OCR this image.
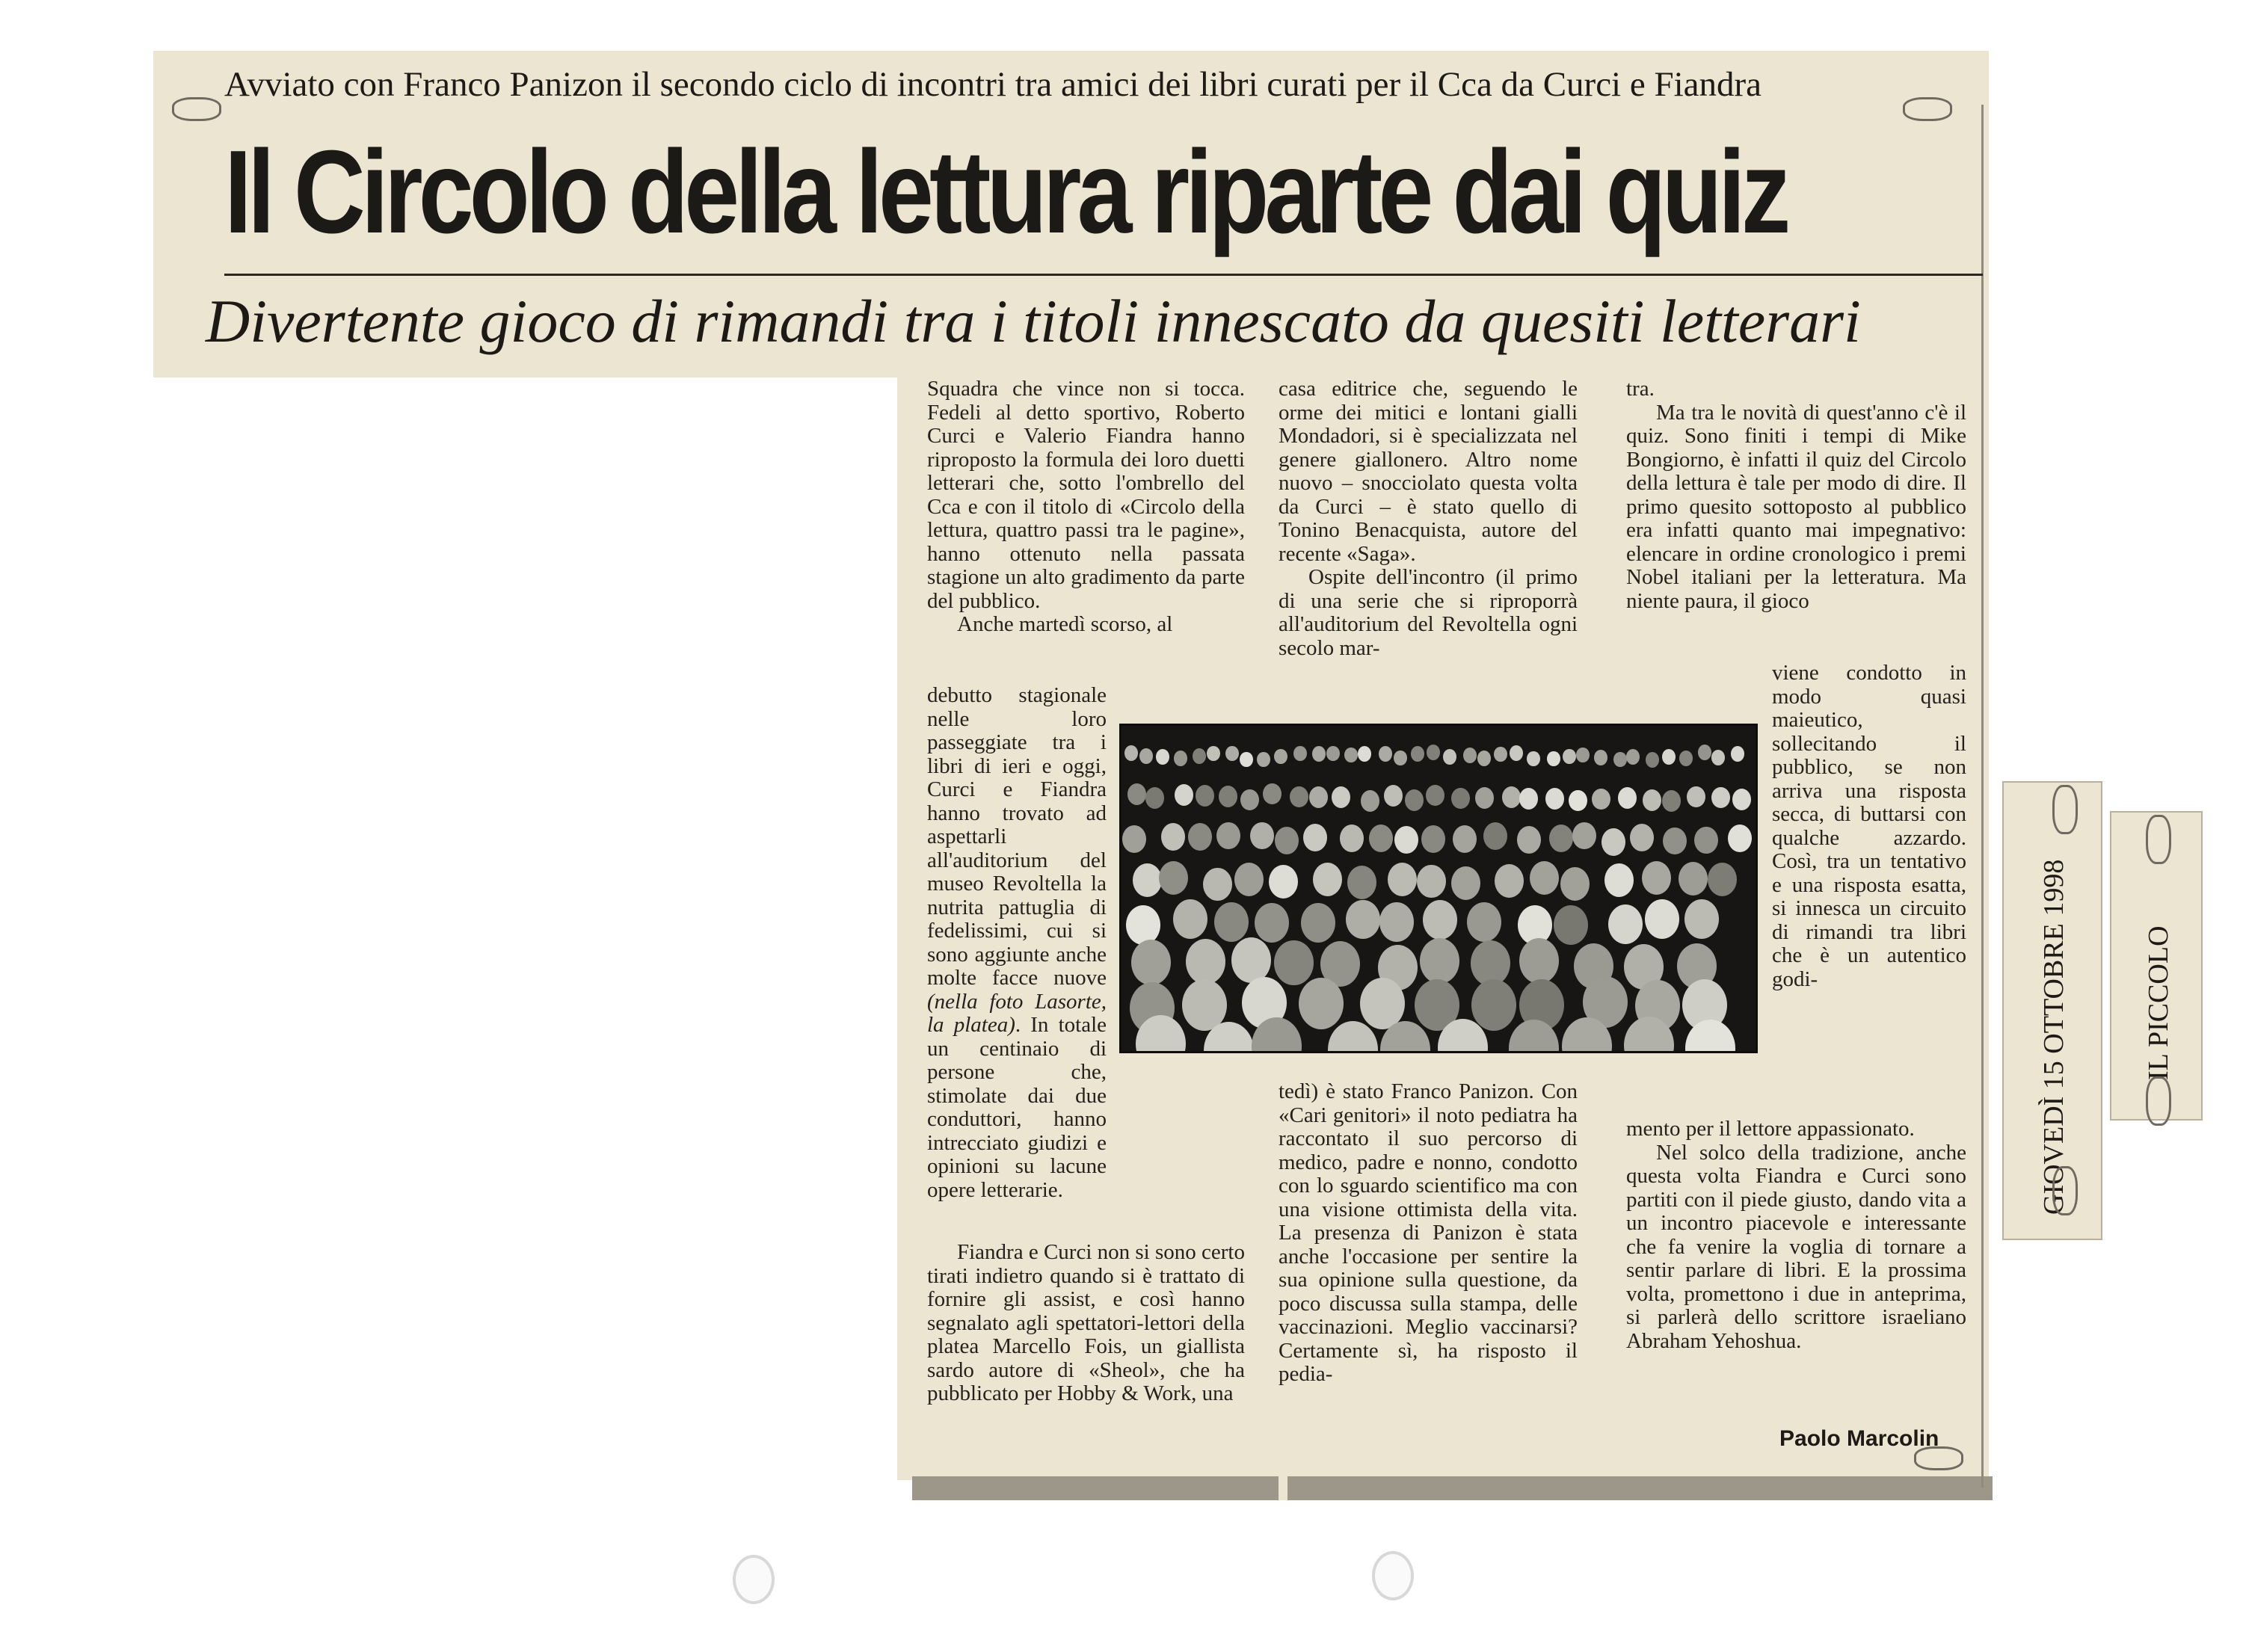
Avviato con Franco Panizon il secondo ciclo di incontri tra amici dei libri curati per il Cca da Curci e Fiandra
Il Circolo della lettura riparte dai quiz
Divertente gioco di rimandi tra i titoli innescato da quesiti letterari

Squadra che vince non si tocca. Fedeli al detto sportivo, Roberto Curci e Valerio Fiandra hanno riproposto la formula dei loro duetti letterari che, sotto l'ombrello del Cca e con il titolo di «Circolo della lettura, quattro passi tra le pagine», hanno ottenuto nella passata stagione un alto gradimento da parte del pubblico.

Anche martedì scorso, al

debutto stagionale nelle loro passeggiate tra i libri di ieri e oggi, Curci e Fiandra hanno trovato ad aspettarli all'auditorium del museo Revoltella la nutrita pattuglia di fedelissimi, cui si sono aggiunte anche molte facce nuove (nella foto Lasorte, la platea). In totale un centinaio di persone che, stimolate dai due conduttori, hanno intrecciato giudizi e opinioni su lacune opere letterarie.

Fiandra e Curci non si sono certo tirati indietro quando si è trattato di fornire gli assist, e così hanno segnalato agli spettatori-lettori della platea Marcello Fois, un giallista sardo autore di «Sheol», che ha pubblicato per Hobby & Work, una

casa editrice che, seguendo le orme dei mitici e lontani gialli Mondadori, si è specializzata nel genere giallonero. Altro nome nuovo – snocciolato questa volta da Curci – è stato quello di Tonino Benacquista, autore del recente «Saga».

Ospite dell'incontro (il primo di una serie che si riproporrà all'auditorium del Revoltella ogni secolo mar-

tedì) è stato Franco Panizon. Con «Cari genitori» il noto pediatra ha raccontato il suo percorso di medico, padre e nonno, condotto con lo sguardo scientifico ma con una visione ottimista della vita. La presenza di Panizon è stata anche l'occasione per sentire la sua opinione sulla questione, da poco discussa sulla stampa, delle vaccinazioni. Meglio vaccinarsi? Certamente sì, ha risposto il pedia-

tra.

Ma tra le novità di quest'anno c'è il quiz. Sono finiti i tempi di Mike Bongiorno, è infatti il quiz del Circolo della lettura è tale per modo di dire. Il primo quesito sottoposto al pubblico era infatti quanto mai impegnativo: elencare in ordine cronologico i premi Nobel italiani per la letteratura. Ma niente paura, il gioco

viene condotto in modo quasi maieutico, sollecitando il pubblico, se non arriva una risposta secca, di buttarsi con qualche azzardo. Così, tra un tentativo e una risposta esatta, si innesca un circuito di rimandi tra libri che è un autentico godi-

mento per il lettore appassionato.

Nel solco della tradizione, anche questa volta Fiandra e Curci sono partiti con il piede giusto, dando vita a un incontro piacevole e interessante che fa venire la voglia di tornare a sentir parlare di libri. E la prossima volta, promettono i due in anteprima, si parlerà dello scrittore israeliano Abraham Yehoshua.

Paolo Marcolin
GIOVEDÌ 15 OTTOBRE 1998	IL PICCOLO
